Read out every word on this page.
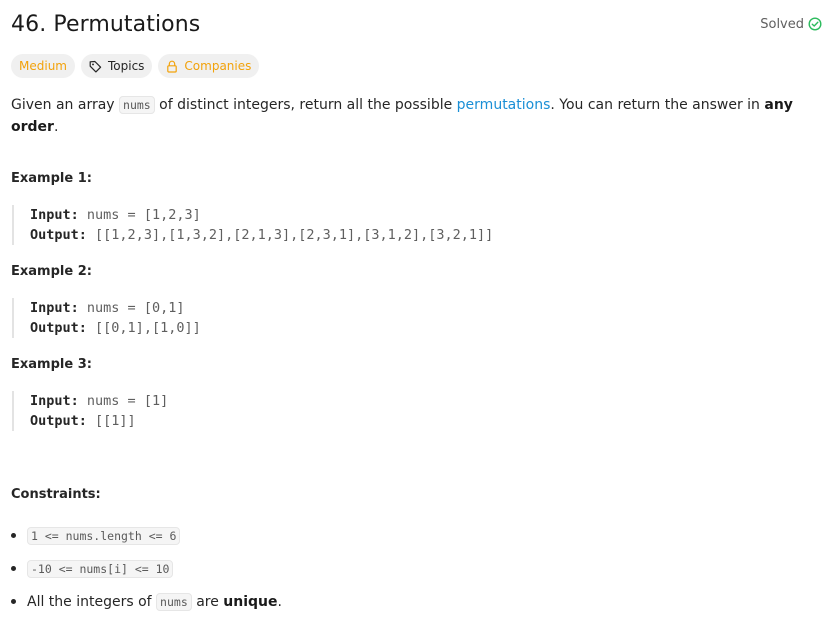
46. Permutations	Solved
Medium	Topics	Companies
Given an array nums of distinct integers, return all the possible permutations. You can return the answer in any order.
Example 1:
Input: nums = [1,2,3]
Output: [[1,2,3],[1,3,2],[2,1,3],[2,3,1],[3,1,2],[3,2,1]]
Example 2:
Input: nums = [0,1]
Output: [[0,1],[1,0]]
Example 3:
Input: nums = [1]
Output: [[1]]
Constraints:
1 <= nums.length <= 6
-10 <= nums[i] <= 10
All the integers of nums are unique.
